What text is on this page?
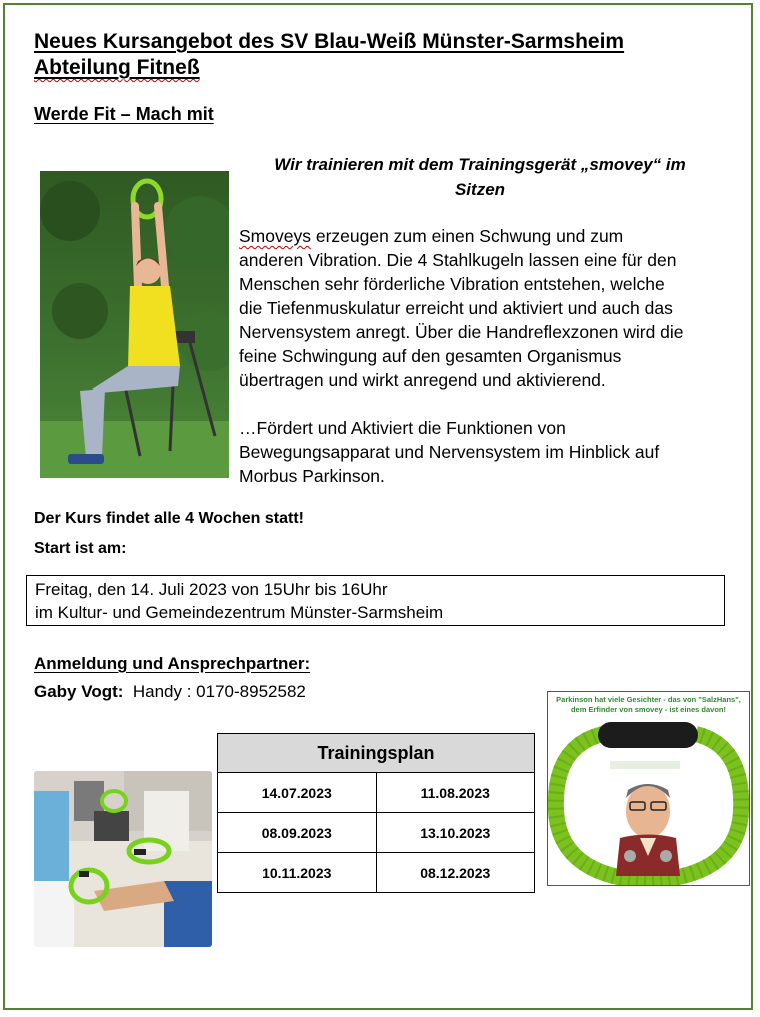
Neues Kursangebot des SV Blau-Weiß Münster-Sarmsheim
Abteilung Fitneß
Werde Fit – Mach mit
Wir trainieren mit dem Trainingsgerät „smovey“ im
Sitzen
Smoveys erzeugen zum einen Schwung und zum
anderen Vibration. Die 4 Stahlkugeln lassen eine für den
Menschen sehr förderliche Vibration entstehen, welche
die Tiefenmuskulatur erreicht und aktiviert und auch das
Nervensystem anregt. Über die Handreflexzonen wird die
feine Schwingung auf den gesamten Organismus
übertragen und wirkt anregend und aktivierend.
…Fördert und Aktiviert die Funktionen von
Bewegungsapparat und Nervensystem im Hinblick auf
Morbus Parkinson.
Der Kurs findet alle 4 Wochen statt!
Start ist am:
Freitag, den 14. Juli 2023 von 15Uhr bis 16Uhr
im Kultur- und Gemeindezentrum Münster-Sarmsheim
Anmeldung und Ansprechpartner:
Gaby Vogt: Handy : 0170-8952582
Trainingsplan	
14.07.2023	11.08.2023
08.09.2023	13.10.2023
10.11.2023	08.12.2023
Parkinson hat viele Gesichter - das von "SalzHans",
dem Erfinder von smovey - ist eines davon!
